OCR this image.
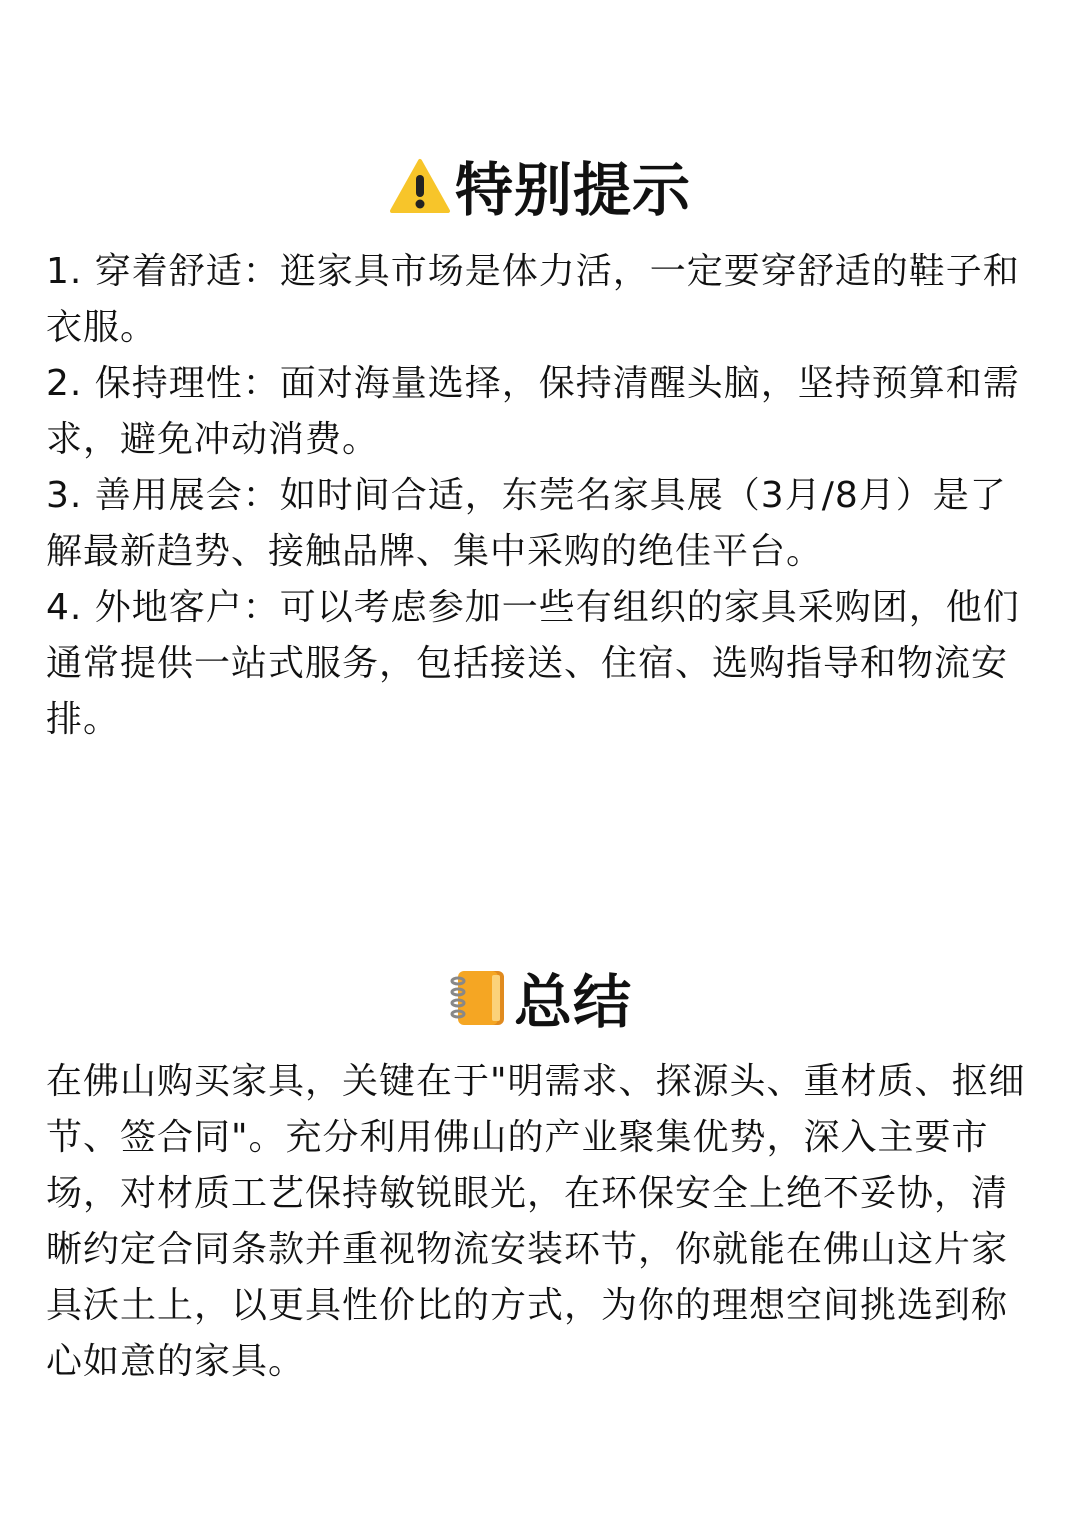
特别提示

1. 穿着舒适：逛家具市场是体力活，一定要穿舒适的鞋子和衣服。

2. 保持理性：面对海量选择，保持清醒头脑，坚持预算和需求，避免冲动消费。

3. 善用展会：如时间合适，东莞名家具展（3月/8月）是了解最新趋势、接触品牌、集中采购的绝佳平台。

4. 外地客户：可以考虑参加一些有组织的家具采购团，他们通常提供一站式服务，包括接送、住宿、选购指导和物流安排。

总结

在佛山购买家具，关键在于"明需求、探源头、重材质、抠细节、签合同"。充分利用佛山的产业聚集优势，深入主要市场，对材质工艺保持敏锐眼光，在环保安全上绝不妥协，清晰约定合同条款并重视物流安装环节，你就能在佛山这片家具沃土上，以更具性价比的方式，为你的理想空间挑选到称心如意的家具。
